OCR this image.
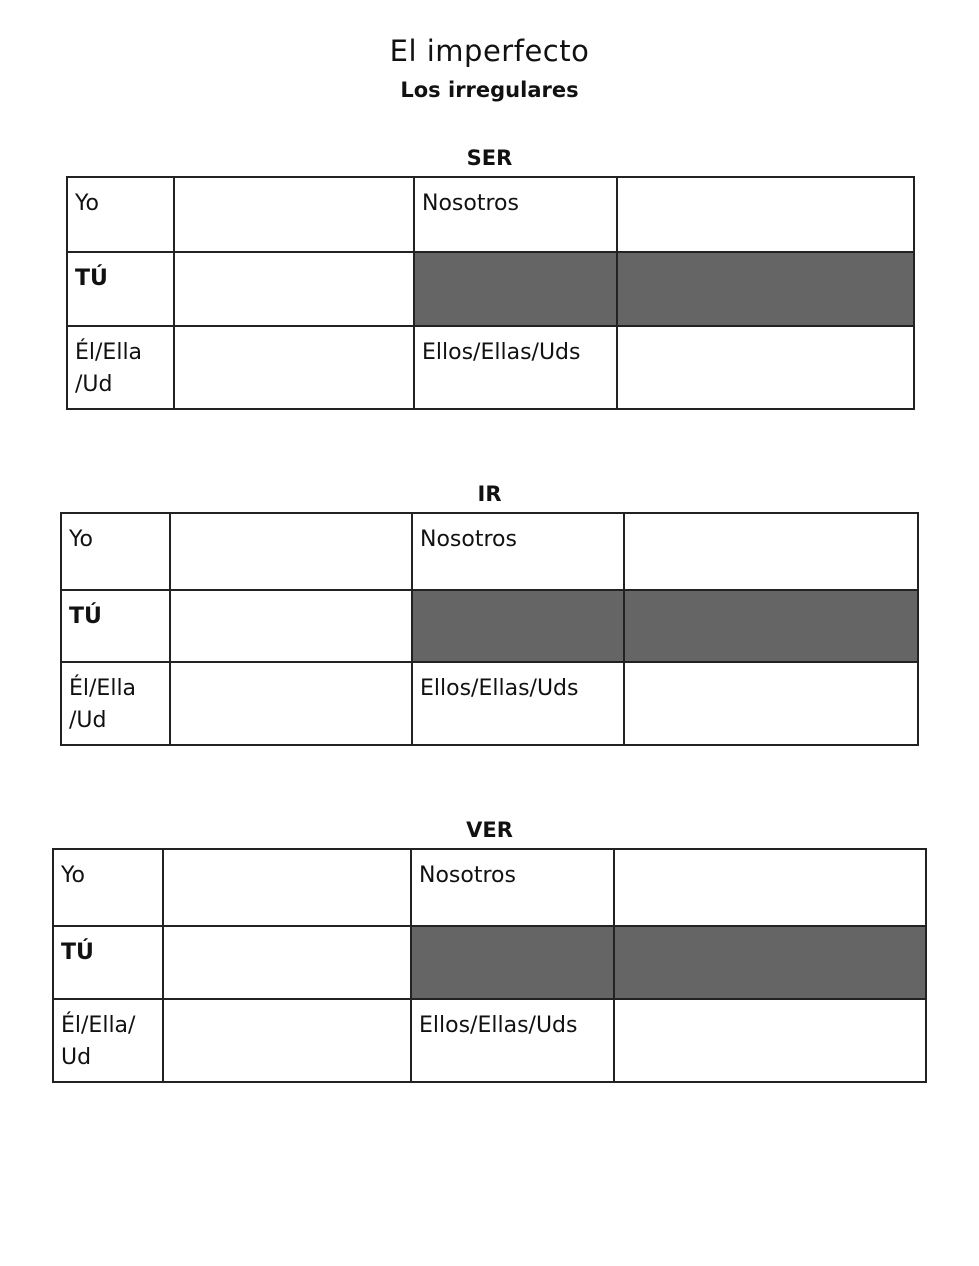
El imperfecto
Los irregulares
SER
Yo		Nosotros	
TÚ			
Él/Ella /Ud		Ellos/Ellas/Uds	
IR
Yo		Nosotros	
TÚ			
Él/Ella /Ud		Ellos/Ellas/Uds	
VER
Yo		Nosotros	
TÚ			
Él/Ella/ Ud		Ellos/Ellas/Uds	
